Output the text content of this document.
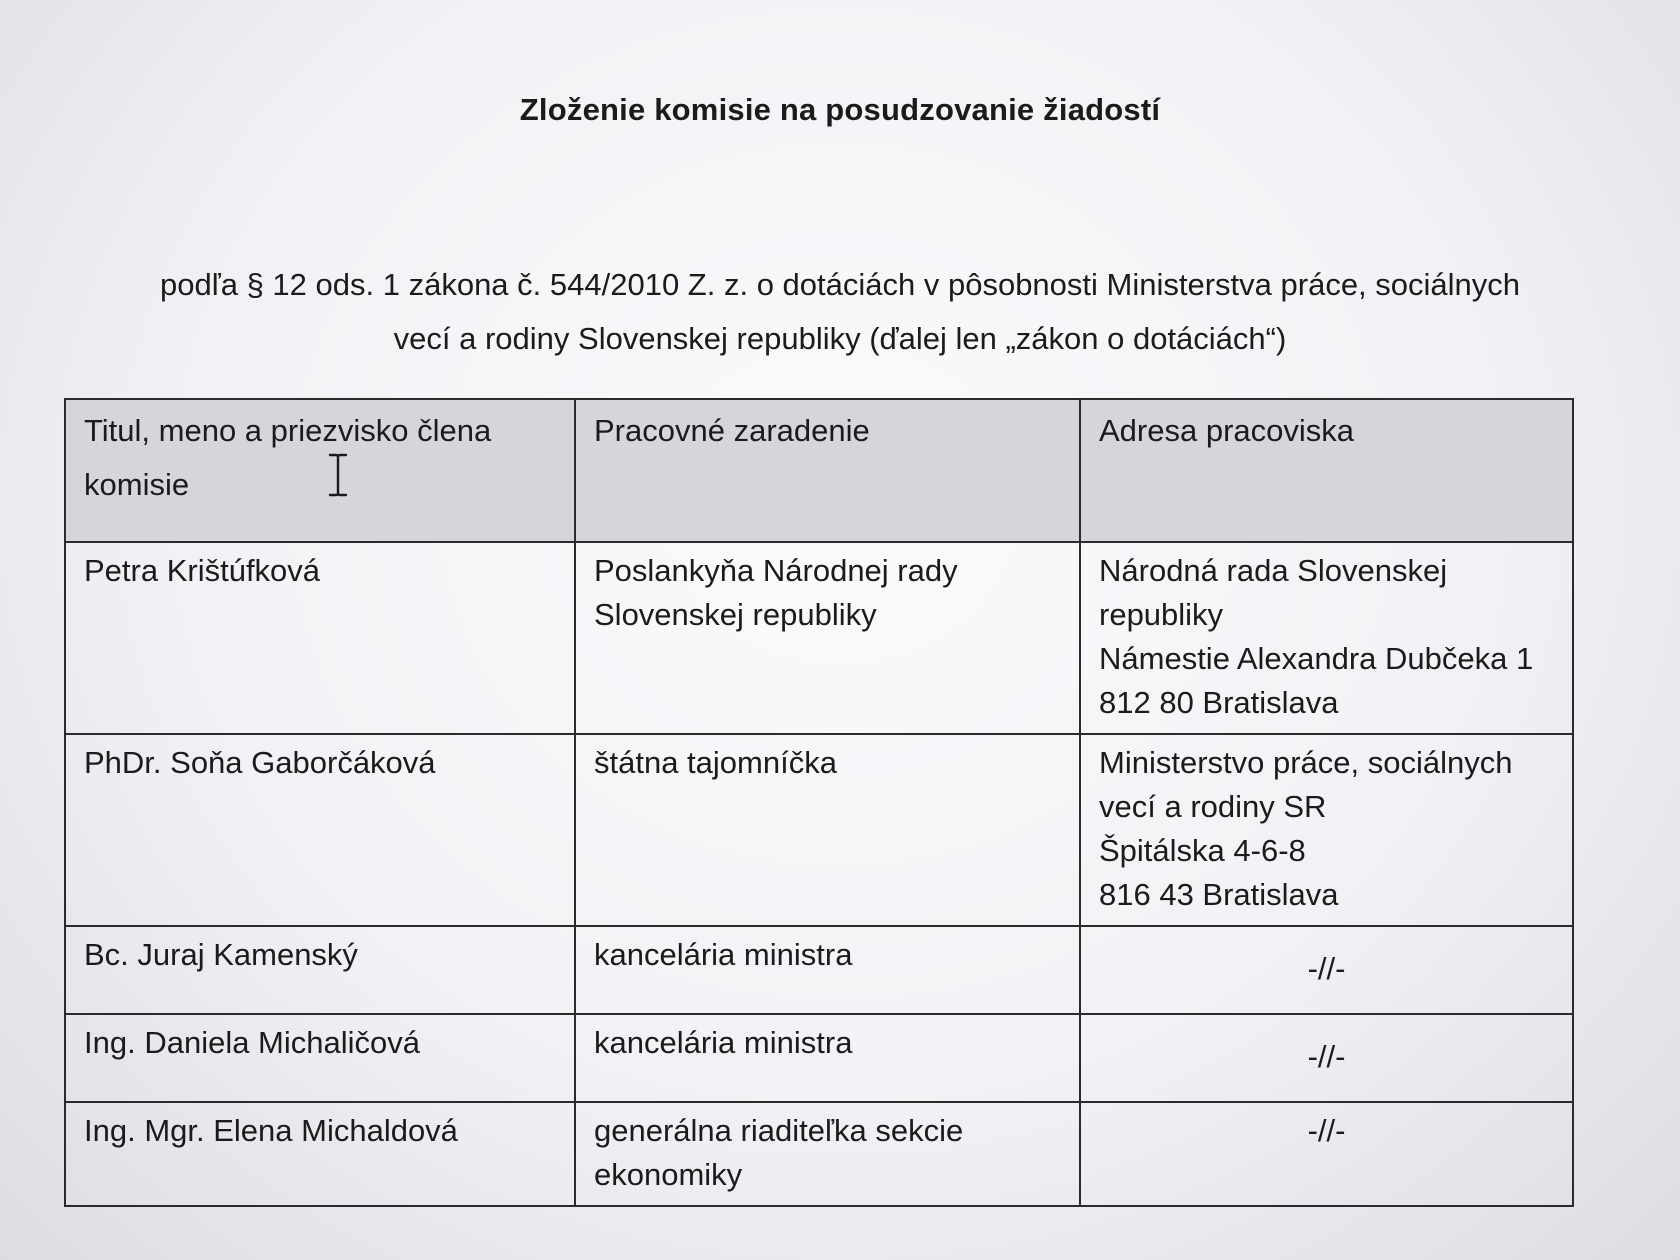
Zloženie komisie na posudzovanie žiadostí

podľa § 12 ods. 1 zákona č. 544/2010 Z. z. o dotáciách v pôsobnosti Ministerstva práce, sociálnych

vecí a rodiny Slovenskej republiky (ďalej len „zákon o dotáciách“)

Titul, meno a priezvisko člena komisie	Pracovné zaradenie	Adresa pracoviska
Petra Krištúfková	Poslankyňa Národnej rady Slovenskej republiky	Národná rada Slovenskej
republiky
Námestie Alexandra Dubčeka 1
812 80 Bratislava

PhDr. Soňa Gaborčáková	štátna tajomníčka	Ministerstvo práce, sociálnych
vecí a rodiny SR
Špitálska 4-6-8
816 43 Bratislava

Bc. Juraj Kamenský	kancelária ministra	-//-
Ing. Daniela Michaličová	kancelária ministra	-//-
Ing. Mgr. Elena Michaldová	generálna riaditeľka sekcie ekonomiky	-//-
